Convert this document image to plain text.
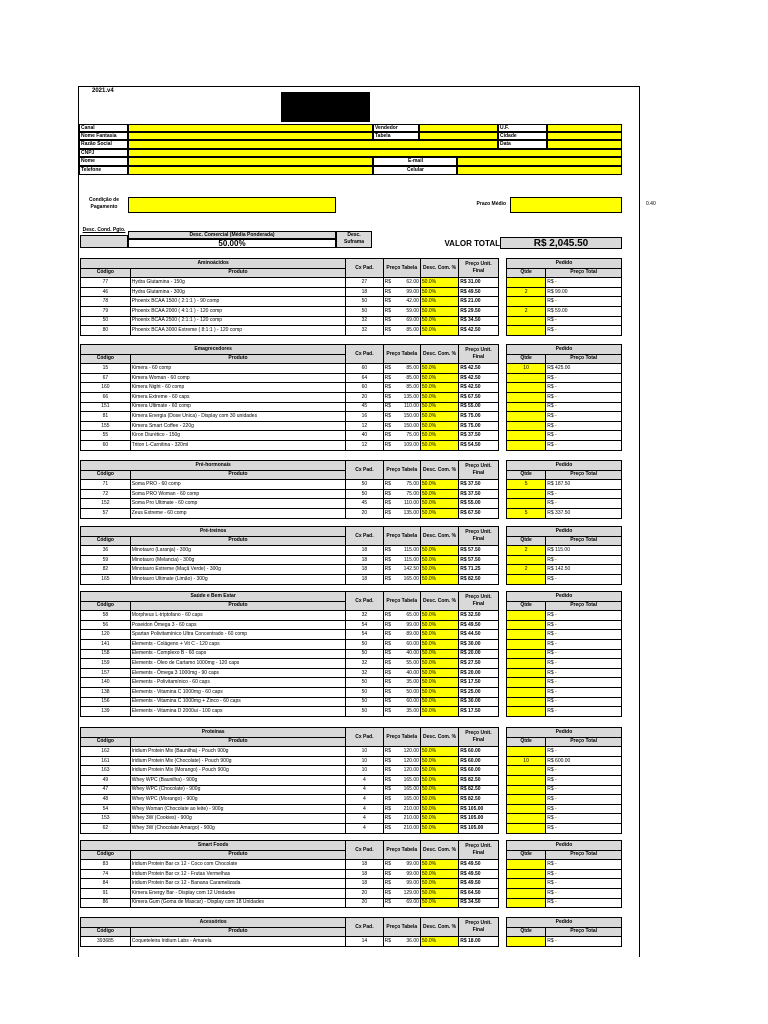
2021.v4
Canal	Vendedor	U.F.
Nome Fantasia	Tabela	Cidade
Razão Social	Data
CNPJ
Nome	E-mail
Telefone	Celular
Condição de Pagamento	Prazo Médio	0.40
Desc. Cond. Pgto.
Desc. Comercial (Média Ponderada)
50.00%
Desc. Suframa	VALOR TOTAL	R$ 2,045.50
Aminoácidos		Cx Pad.	Preço Tabela	Desc. Com. %	Preço Unit. Final		Pedido	
Código	Produto						Qtde	Preço Total
77	Hydra Glutamina - 150g	27	R$ 62.00	50.0%	R$ 31.00			R$ -
46	Hydra Glutamina - 300g	18	R$ 99.00	50.0%	R$ 49.50		2	R$ 99.00
78	Phoenix BCAA 1500 ( 2:1:1 ) - 90 comp	50	R$ 42.00	50.0%	R$ 21.00			R$ -
79	Phoenix BCAA 2000 ( 4:1:1 ) - 120 comp	50	R$ 59.00	50.0%	R$ 29.50		2	R$ 59.00
50	Phoenix BCAA 2500 ( 2:1:1 ) - 120 comp	32	R$ 69.00	50.0%	R$ 34.50			R$ -
80	Phoenix BCAA 3000 Extreme ( 8:1:1 ) - 120 comp	32	R$ 85.00	50.0%	R$ 42.50			R$ -
Emagrecedores		Cx Pad.	Preço Tabela	Desc. Com. %	Preço Unit. Final		Pedido	
Código	Produto						Qtde	Preço Total
15	Kimera - 60 comp	60	R$ 85.00	50.0%	R$ 42.50		10	R$ 425.00
67	Kimera Woman - 60 comp	64	R$ 85.00	50.0%	R$ 42.50			R$ -
160	Kimera Night - 60 comp	60	R$ 85.00	50.0%	R$ 42.50			R$ -
66	Kimera Extreme - 60 caps	20	R$ 135.00	50.0%	R$ 67.50			R$ -
151	Kimera Ultimate - 60 comp	45	R$ 110.00	50.0%	R$ 55.00			R$ -
81	Kimera Energia (Dose Unica) - Display com 30 unidades	16	R$ 150.00	50.0%	R$ 75.00			R$ -
155	Kimera Smart Coffee - 220g	12	R$ 150.00	50.0%	R$ 75.00			R$ -
55	Kiron Diurético - 150g	40	R$ 75.00	50.0%	R$ 37.50			R$ -
60	Triton L-Carnitina - 320ml	12	R$ 109.00	50.0%	R$ 54.50			R$ -
Pré-hormonais		Cx Pad.	Preço Tabela	Desc. Com. %	Preço Unit. Final		Pedido	
Código	Produto						Qtde	Preço Total
71	Soma PRO - 60 comp	50	R$ 75.00	50.0%	R$ 37.50		5	R$ 187.50
72	Soma PRO Woman - 60 comp	50	R$ 75.00	50.0%	R$ 37.50			R$ -
152	Soma Pro Ultimate - 60 comp	45	R$ 110.00	50.0%	R$ 55.00			R$ -
57	Zeus Extreme - 60 comp	20	R$ 135.00	50.0%	R$ 67.50		5	R$ 337.50
Pré-treinos		Cx Pad.	Preço Tabela	Desc. Com. %	Preço Unit. Final		Pedido	
Código	Produto						Qtde	Preço Total
36	Minotauro (Laranja) - 300g	18	R$ 115.00	50.0%	R$ 57.50		2	R$ 115.00
59	Minotauro (Melancia) - 300g	18	R$ 115.00	50.0%	R$ 57.50			R$ -
82	Minotauro Extreme (Maçã Verde) - 300g	18	R$ 142.50	50.0%	R$ 71.25		2	R$ 142.50
165	Minotauro Ultimate (Limão) - 300g	18	R$ 165.00	50.0%	R$ 82.50			R$ -
Saúde e Bem Estar		Cx Pad.	Preço Tabela	Desc. Com. %	Preço Unit. Final		Pedido	
Código	Produto						Qtde	Preço Total
58	Morpheus L-triptofano - 60 caps	32	R$ 65.00	50.0%	R$ 32.50			R$ -
56	Poseidon Ômega 3 - 60 caps	54	R$ 99.00	50.0%	R$ 49.50			R$ -
120	Spartan Polivitamínico Ultra Concentrado - 60 comp	54	R$ 89.00	50.0%	R$ 44.50			R$ -
141	Elements - Colágeno + Vit C - 120 caps	50	R$ 60.00	50.0%	R$ 30.00			R$ -
158	Elements - Complexo B - 60 caps	50	R$ 40.00	50.0%	R$ 20.00			R$ -
159	Elements - Óleo de Cartamo 1000mg - 120 caps	32	R$ 55.00	50.0%	R$ 27.50			R$ -
157	Elements - Ômega 3 1000mg - 90 caps	32	R$ 40.00	50.0%	R$ 20.00			R$ -
140	Elements - Polivitamínico - 60 caps	50	R$ 35.00	50.0%	R$ 17.50			R$ -
138	Elements - Vitamina C 1000mg - 60 caps	50	R$ 50.00	50.0%	R$ 25.00			R$ -
156	Elements - Vitamina C 1000mg + Zinco - 60 caps	50	R$ 60.00	50.0%	R$ 30.00			R$ -
139	Elements - Vitamina D 2000ui - 100 caps	50	R$ 35.00	50.0%	R$ 17.50			R$ -
Proteínas		Cx Pad.	Preço Tabela	Desc. Com. %	Preço Unit. Final		Pedido	
Código	Produto						Qtde	Preço Total
162	Iridium Protein Mix (Baunilha) - Pouch 900g	10	R$ 120.00	50.0%	R$ 60.00			R$ -
161	Iridium Protein Mix (Chocolate) - Pouch 900g	10	R$ 120.00	50.0%	R$ 60.00		10	R$ 600.00
163	Iridium Protein Mix (Morango) - Pouch 900g	10	R$ 120.00	50.0%	R$ 60.00			R$ -
49	Whey WPC (Baunilha) - 900g	4	R$ 165.00	50.0%	R$ 82.50			R$ -
47	Whey WPC (Chocolate) - 900g	4	R$ 165.00	50.0%	R$ 82.50			R$ -
48	Whey WPC (Morango) - 900g	4	R$ 165.00	50.0%	R$ 82.50			R$ -
54	Whey Woman (Chocolate ao leite) - 900g	4	R$ 210.00	50.0%	R$ 105.00			R$ -
153	Whey 3W (Cookies) - 900g	4	R$ 210.00	50.0%	R$ 105.00			R$ -
62	Whey 3W (Chocolate Amargo) - 900g	4	R$ 210.00	50.0%	R$ 105.00			R$ -
Smart Foods		Cx Pad.	Preço Tabela	Desc. Com. %	Preço Unit. Final		Pedido	
Código	Produto						Qtde	Preço Total
83	Iridium Protein Bar cx 12 - Coco com Chocolate	18	R$ 99.00	50.0%	R$ 49.50			R$ -
74	Iridium Protein Bar cx 12 - Frutas Vermelhas	18	R$ 99.00	50.0%	R$ 49.50			R$ -
84	Iridium Protein Bar cx 12 - Banana Caramelizada	18	R$ 99.00	50.0%	R$ 49.50			R$ -
91	Kimera Energy Bar - Display com 12 Unidades	20	R$ 129.00	50.0%	R$ 64.50			R$ -
86	Kimera Gum (Goma de Mascar) - Display com 18 Unidades	20	R$ 69.00	50.0%	R$ 34.50			R$ -
Acessórios		Cx Pad.	Preço Tabela	Desc. Com. %	Preço Unit. Final		Pedido	
Código	Produto						Qtde	Preço Total
393685	Coqueteleira Iridium Labs - Amarela	14	R$ 36.00	50.0%	R$ 18.00			R$ -
